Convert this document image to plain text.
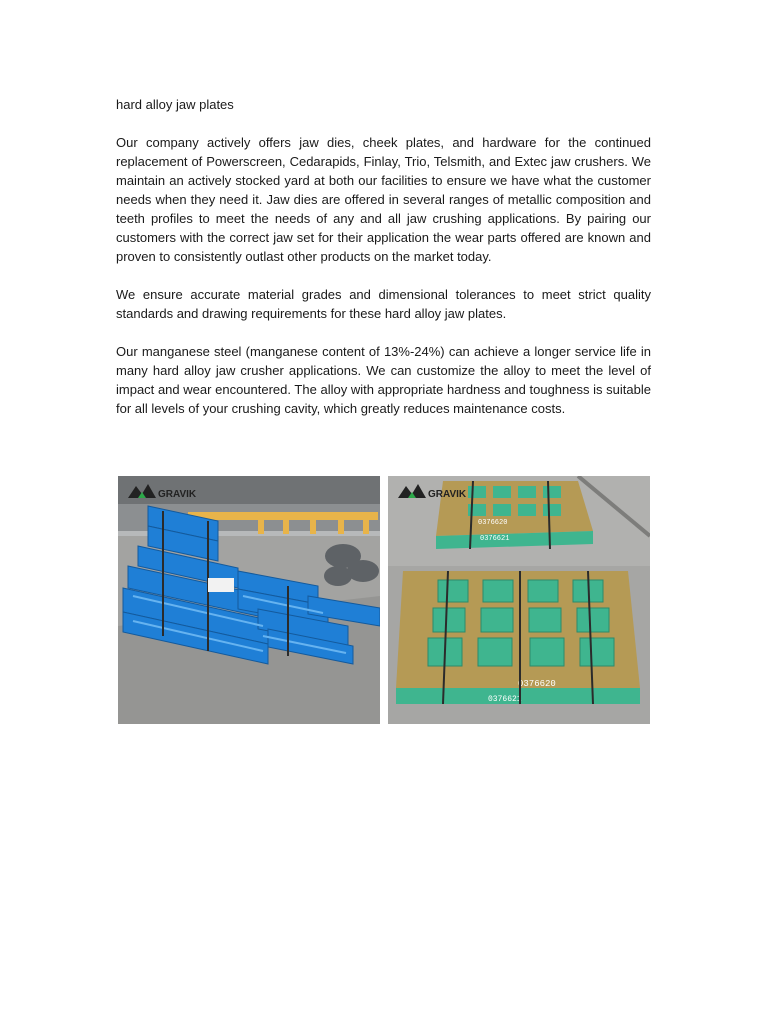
hard alloy jaw plates

Our company actively offers jaw dies, cheek plates, and hardware for the continued replacement of Powerscreen, Cedarapids, Finlay, Trio, Telsmith, and Extec jaw crushers. We maintain an actively stocked yard at both our facilities to ensure we have what the customer needs when they need it. Jaw dies are offered in several ranges of metallic composition and teeth profiles to meet the needs of any and all jaw crushing applications. By pairing our customers with the correct jaw set for their application the wear parts offered are known and proven to consistently outlast other products on the market today.

We ensure accurate material grades and dimensional tolerances to meet strict quality standards and drawing requirements for these hard alloy jaw plates.

Our manganese steel (manganese content of 13%-24%) can achieve a longer service life in many hard alloy jaw crusher applications. We can customize the alloy to meet the level of impact and wear encountered. The alloy with appropriate hardness and toughness is suitable for all levels of your crushing cavity, which greatly reduces maintenance costs.

GRAVIK
0376620
0376621
0376620
0376621
GRAVIK
